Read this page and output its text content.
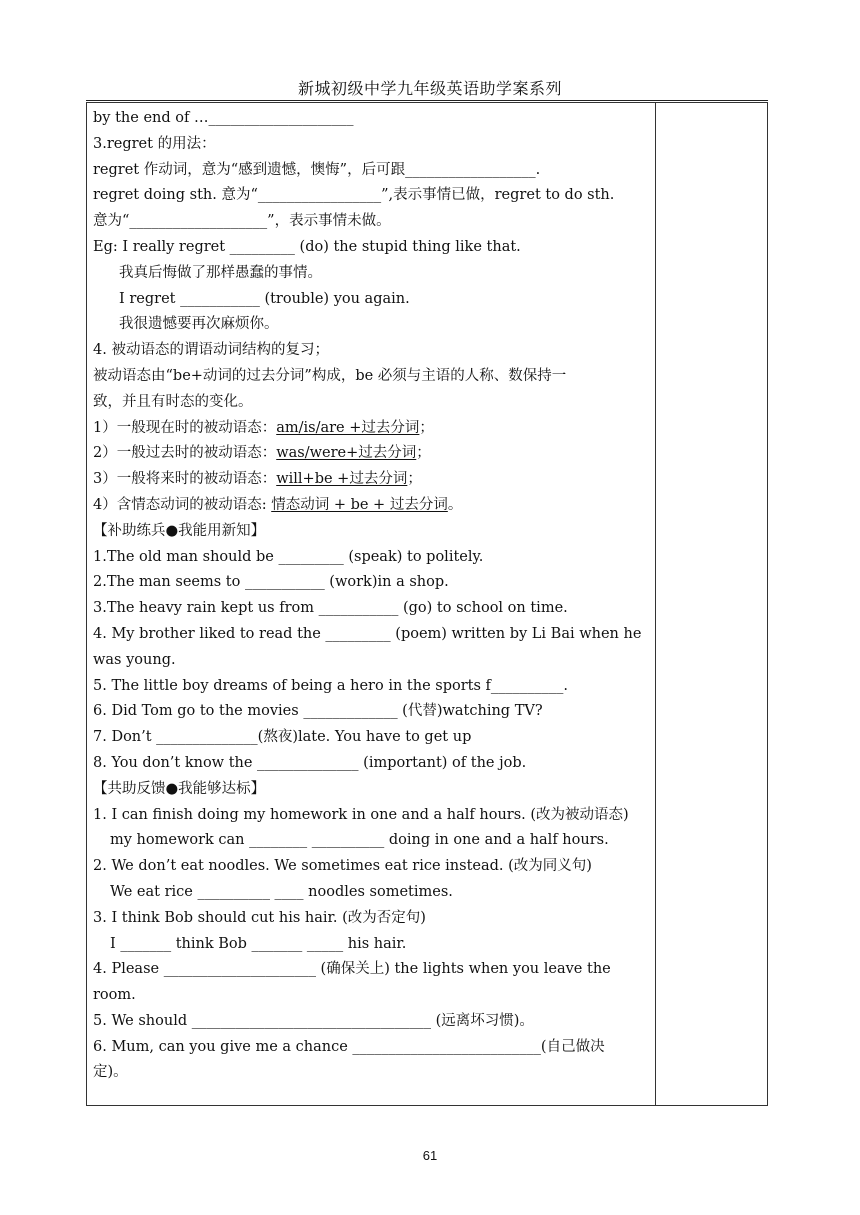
新城初级中学九年级英语助学案系列
by the end of …____________________
3.regret 的用法：
regret 作动词，意为“感到遗憾，懊悔”，后可跟__________________.
regret doing sth. 意为“_________________”,表示事情已做，regret to do sth.
意为“___________________”，表示事情未做。
Eg: I really regret _________ (do) the stupid thing like that.
我真后悔做了那样愚蠢的事情。
I regret ___________ (trouble) you again.
我很遗憾要再次麻烦你。
4. 被动语态的谓语动词结构的复习；
被动语态由“be+动词的过去分词”构成，be 必须与主语的人称、数保持一
致，并且有时态的变化。
1）一般现在时的被动语态：am/is/are +过去分词；
2）一般过去时的被动语态：was/were+过去分词；
3）一般将来时的被动语态：will+be +过去分词；
4）含情态动词的被动语态: 情态动词 + be + 过去分词。
【补助练兵●我能用新知】
1.The old man should be _________ (speak) to politely.
2.The man seems to ___________ (work)in a shop.
3.The heavy rain kept us from ___________ (go) to school on time.
4. My brother liked to read the _________ (poem) written by Li Bai when he
was young.
5. The little boy dreams of being a hero in the sports f__________.
6. Did Tom go to the movies _____________ (代替)watching TV?
7. Don’t ______________(熬夜)late. You have to get up
8. You don’t know the ______________ (important) of the job.
【共助反馈●我能够达标】
1. I can finish doing my homework in one and a half hours. (改为被动语态)
my homework can ________ __________ doing in one and a half hours.
2. We don’t eat noodles. We sometimes eat rice instead. (改为同义句)
We eat rice __________ ____ noodles sometimes.
3. I think Bob should cut his hair. (改为否定句)
I _______ think Bob _______ _____ his hair.
4. Please _____________________ (确保关上) the lights when you leave the
room.
5. We should _________________________________ (远离坏习惯)。
6. Mum, can you give me a chance __________________________(自己做决
定)。
61
